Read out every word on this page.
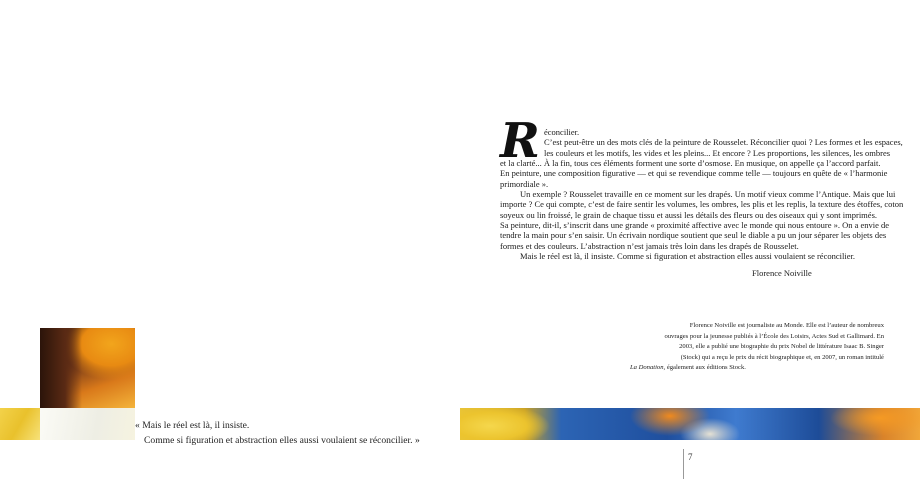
« Mais le réel est là, il insiste.
Comme si figuration et abstraction elles aussi voulaient se réconcilier. »
R éconcilier.
C’est peut-être un des mots clés de la peinture de Rousselet. Réconcilier quoi ? Les formes et les espaces,
les couleurs et les motifs, les vides et les pleins... Et encore ? Les proportions, les silences, les ombres
et la clarté... À la fin, tous ces éléments forment une sorte d’osmose. En musique, on appelle ça l’accord parfait.
En peinture, une composition figurative — et qui se revendique comme telle — toujours en quête de « l’harmonie
primordiale ».
Un exemple ? Rousselet travaille en ce moment sur les drapés. Un motif vieux comme l’Antique. Mais que lui
importe ? Ce qui compte, c’est de faire sentir les volumes, les ombres, les plis et les replis, la texture des étoffes, coton
soyeux ou lin froissé, le grain de chaque tissu et aussi les détails des fleurs ou des oiseaux qui y sont imprimés.
Sa peinture, dit-il, s’inscrit dans une grande « proximité affective avec le monde qui nous entoure ». On a envie de
tendre la main pour s’en saisir. Un écrivain nordique soutient que seul le diable a pu un jour séparer les objets des
formes et des couleurs. L’abstraction n’est jamais très loin dans les drapés de Rousselet.
Mais le réel est là, il insiste. Comme si figuration et abstraction elles aussi voulaient se réconcilier.
Florence Noiville
Florence Noiville est journaliste au Monde. Elle est l’auteur de nombreux
ouvrages pour la jeunesse publiés à l’École des Loisirs, Actes Sud et Gallimard. En
2003, elle a publié une biographie du prix Nobel de littérature Isaac B. Singer
(Stock) qui a reçu le prix du récit biographique et, en 2007, un roman intitulé
La Donation, également aux éditions Stock.
7
